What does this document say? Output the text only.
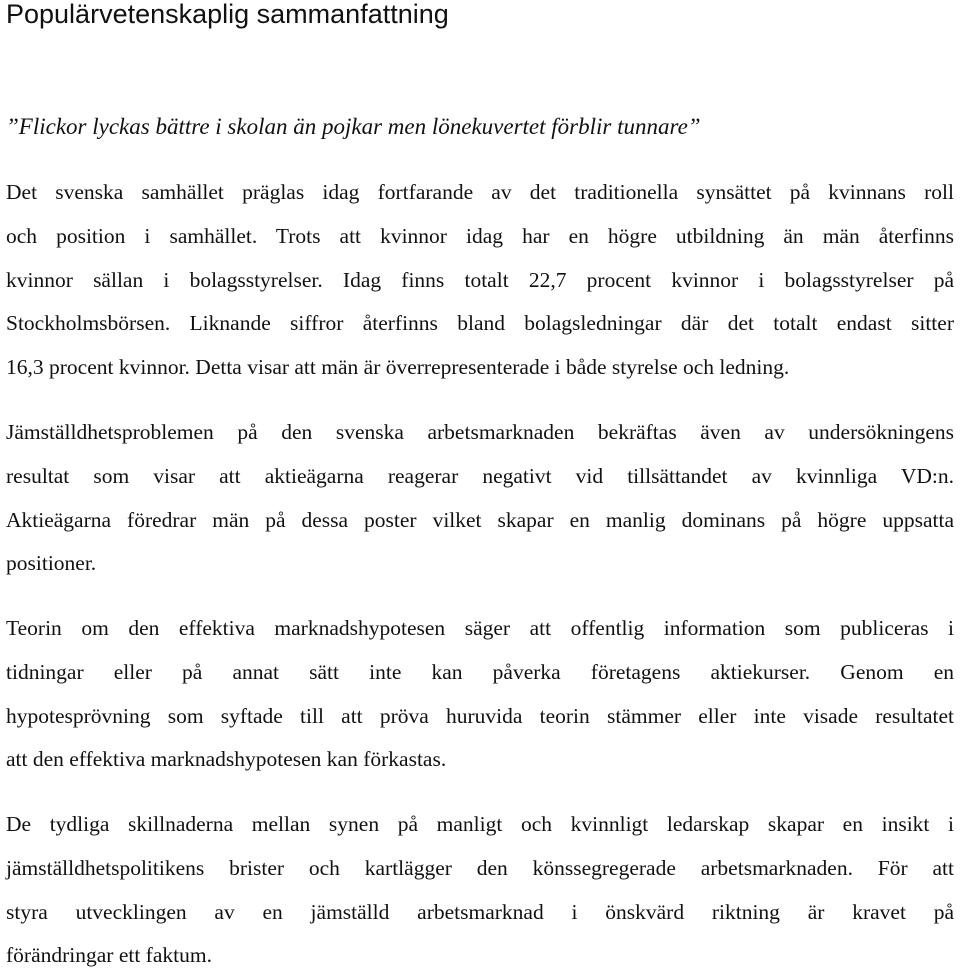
Populärvetenskaplig sammanfattning

”Flickor lyckas bättre i skolan än pojkar men lönekuvertet förblir tunnare”

Det svenska samhället präglas idag fortfarande av det traditionella synsättet på kvinnans roll
och position i samhället. Trots att kvinnor idag har en högre utbildning än män återfinns
kvinnor sällan i bolagsstyrelser. Idag finns totalt 22,7 procent kvinnor i bolagsstyrelser på
Stockholmsbörsen. Liknande siffror återfinns bland bolagsledningar där det totalt endast sitter
16,3 procent kvinnor. Detta visar att män är överrepresenterade i både styrelse och ledning.
Jämställdhetsproblemen på den svenska arbetsmarknaden bekräftas även av undersökningens
resultat som visar att aktieägarna reagerar negativt vid tillsättandet av kvinnliga VD:n.
Aktieägarna föredrar män på dessa poster vilket skapar en manlig dominans på högre uppsatta
positioner.
Teorin om den effektiva marknadshypotesen säger att offentlig information som publiceras i
tidningar eller på annat sätt inte kan påverka företagens aktiekurser. Genom en
hypotesprövning som syftade till att pröva huruvida teorin stämmer eller inte visade resultatet
att den effektiva marknadshypotesen kan förkastas.
De tydliga skillnaderna mellan synen på manligt och kvinnligt ledarskap skapar en insikt i
jämställdhetspolitikens brister och kartlägger den könssegregerade arbetsmarknaden. För att
styra utvecklingen av en jämställd arbetsmarknad i önskvärd riktning är kravet på
förändringar ett faktum.
